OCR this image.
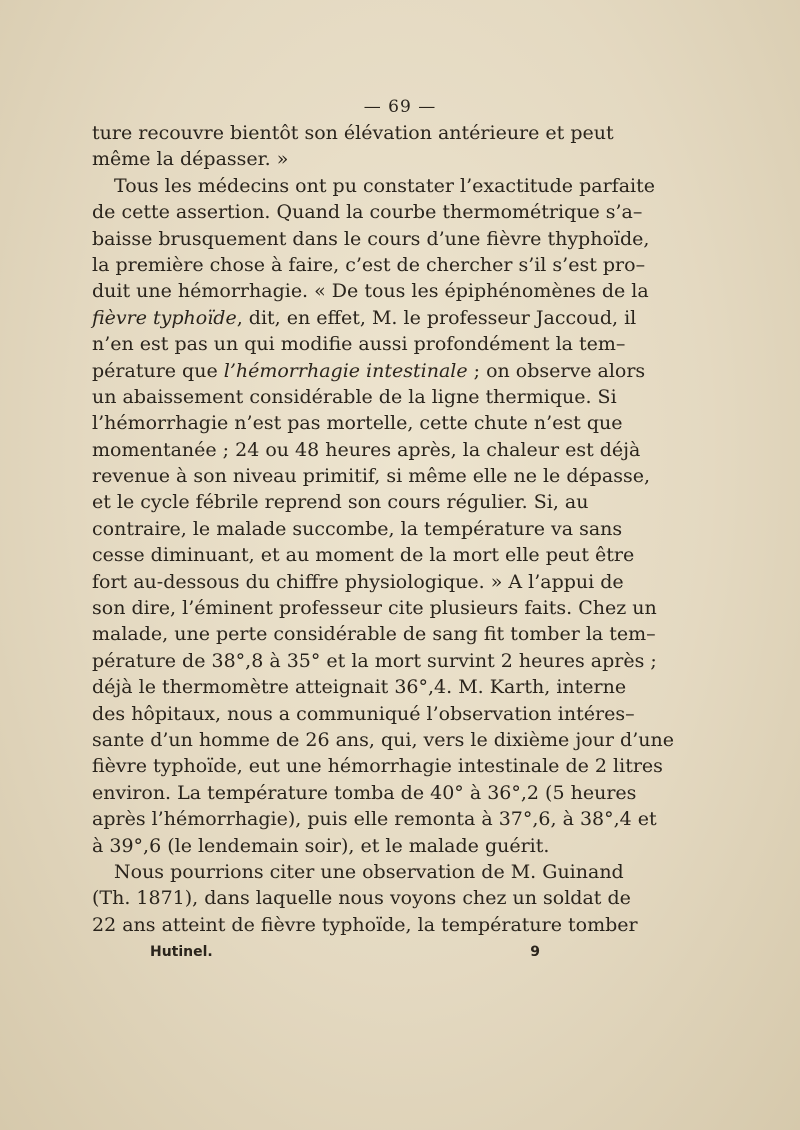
— 69 —
ture recouvre bientôt son élévation antérieure et peut
même la dépasser. »
Tous les médecins ont pu constater l’exactitude parfaite
de cette assertion. Quand la courbe thermométrique s’a–
baisse brusquement dans le cours d’une fièvre thyphoïde,
la première chose à faire, c’est de chercher s’il s’est pro–
duit une hémorrhagie. « De tous les épiphénomènes de la
fièvre typhoïde, dit, en effet, M. le professeur Jaccoud, il
n’en est pas un qui modifie aussi profondément la tem–
pérature que l’hémorrhagie intestinale ; on observe alors
un abaissement considérable de la ligne thermique. Si
l’hémorrhagie n’est pas mortelle, cette chute n’est que
momentanée ; 24 ou 48 heures après, la chaleur est déjà
revenue à son niveau primitif, si même elle ne le dépasse,
et le cycle fébrile reprend son cours régulier. Si, au
contraire, le malade succombe, la température va sans
cesse diminuant, et au moment de la mort elle peut être
fort au-dessous du chiffre physiologique. » A l’appui de
son dire, l’éminent professeur cite plusieurs faits. Chez un
malade, une perte considérable de sang fit tomber la tem–
pérature de 38°,8 à 35° et la mort survint 2 heures après ;
déjà le thermomètre atteignait 36°,4. M. Karth, interne
des hôpitaux, nous a communiqué l’observation intéres–
sante d’un homme de 26 ans, qui, vers le dixième jour d’une
fièvre typhoïde, eut une hémorrhagie intestinale de 2 litres
environ. La température tomba de 40° à 36°,2 (5 heures
après l’hémorrhagie), puis elle remonta à 37°,6, à 38°,4 et
à 39°,6 (le lendemain soir), et le malade guérit.
Nous pourrions citer une observation de M. Guinand
(Th. 1871), dans laquelle nous voyons chez un soldat de
22 ans atteint de fièvre typhoïde, la température tomber
Hutinel.	9
